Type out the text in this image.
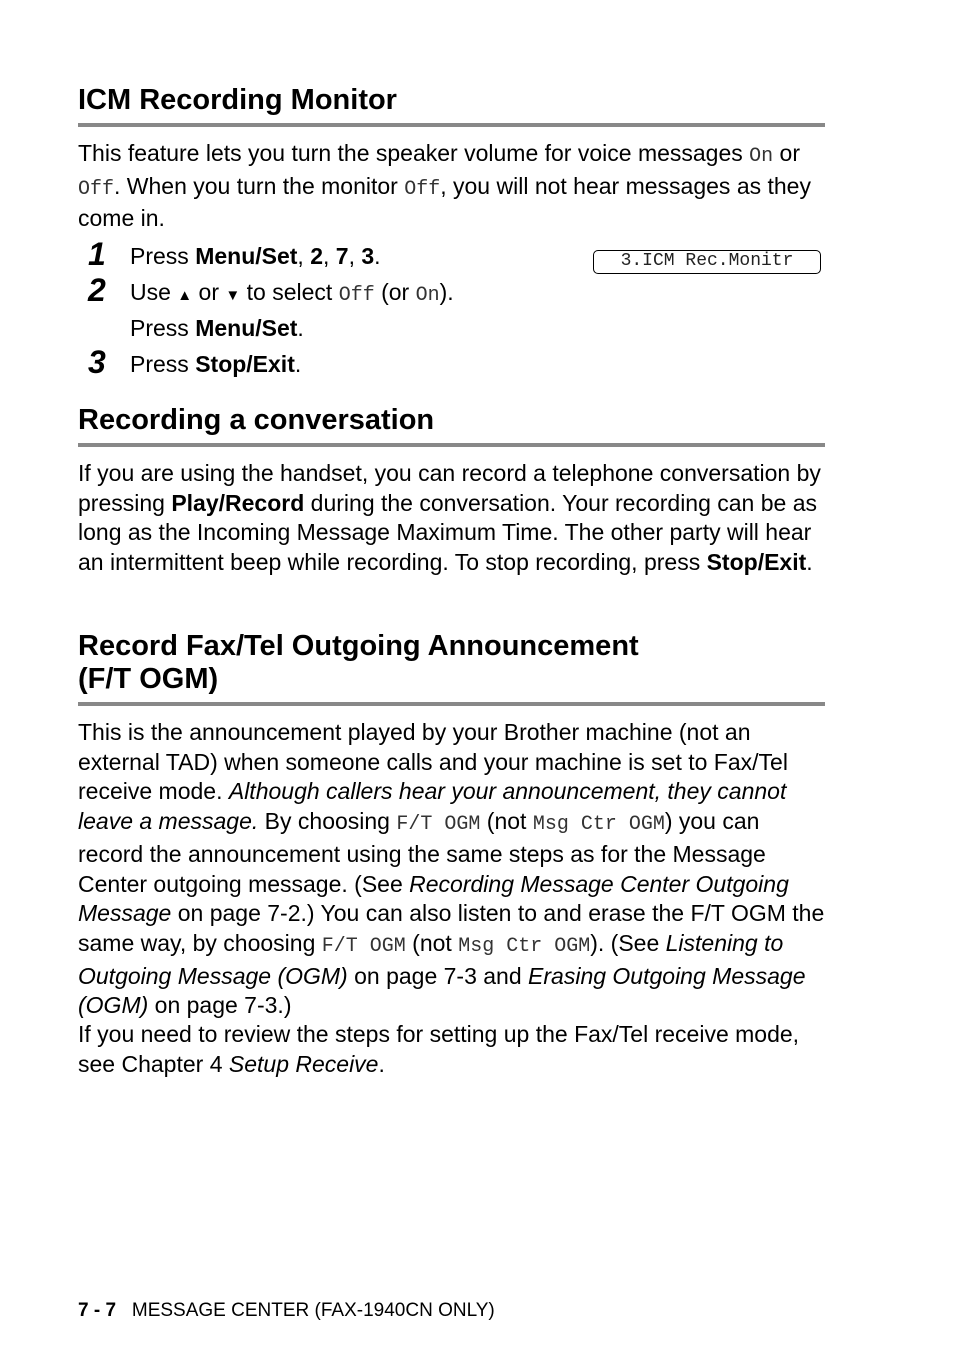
ICM Recording Monitor

This feature lets you turn the speaker volume for voice messages On or Off. When you turn the monitor Off, you will not hear messages as they come in.

1 Press Menu/Set, 2, 7, 3.	3.ICM Rec.Monitr
2 Use ▲ or ▼ to select Off (or On).
Press Menu/Set.
3 Press Stop/Exit.
Recording a conversation

If you are using the handset, you can record a telephone conversation by pressing Play/Record during the conversation. Your recording can be as long as the Incoming Message Maximum Time. The other party will hear an intermittent beep while recording. To stop recording, press Stop/Exit.

Record Fax/Tel Outgoing Announcement
(F/T OGM)

This is the announcement played by your Brother machine (not an external TAD) when someone calls and your machine is set to Fax/Tel receive mode. Although callers hear your announcement, they cannot leave a message. By choosing F/T OGM (not Msg Ctr OGM) you can record the announcement using the same steps as for the Message Center outgoing message. (See Recording Message Center Outgoing Message on page 7-2.) You can also listen to and erase the F/T OGM the same way, by choosing F/T OGM (not Msg Ctr OGM). (See Listening to Outgoing Message (OGM) on page 7-3 and Erasing Outgoing Message (OGM) on page 7-3.)

If you need to review the steps for setting up the Fax/Tel receive mode, see Chapter 4 Setup Receive.

7 - 7 MESSAGE CENTER (FAX-1940CN ONLY)
